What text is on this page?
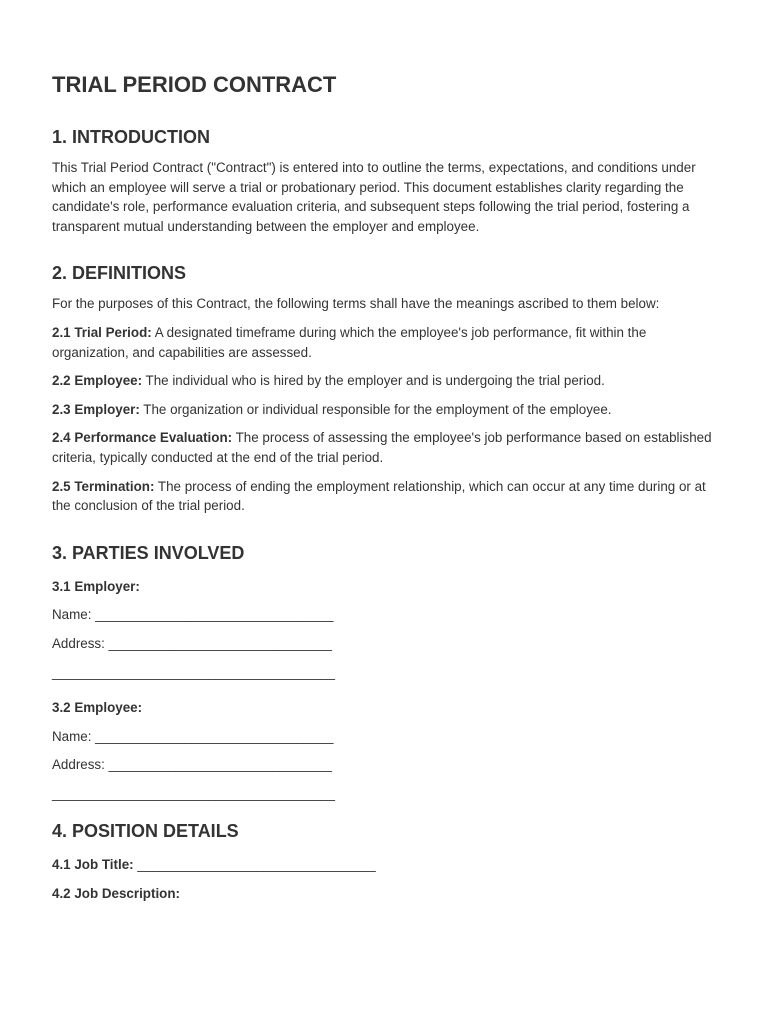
TRIAL PERIOD CONTRACT
1. INTRODUCTION

This Trial Period Contract ("Contract") is entered into to outline the terms, expectations, and conditions under which an employee will serve a trial or probationary period. This document establishes clarity regarding the candidate's role, performance evaluation criteria, and subsequent steps following the trial period, fostering a transparent mutual understanding between the employer and employee.

2. DEFINITIONS

For the purposes of this Contract, the following terms shall have the meanings ascribed to them below:

2.1 Trial Period: A designated timeframe during which the employee's job performance, fit within the organization, and capabilities are assessed.

2.2 Employee: The individual who is hired by the employer and is undergoing the trial period.

2.3 Employer: The organization or individual responsible for the employment of the employee.

2.4 Performance Evaluation: The process of assessing the employee's job performance based on established criteria, typically conducted at the end of the trial period.

2.5 Termination: The process of ending the employment relationship, which can occur at any time during or at the conclusion of the trial period.

3. PARTIES INVOLVED

3.1 Employer:

Name: ________________________________

Address: ______________________________

______________________________________

3.2 Employee:

Name: ________________________________

Address: ______________________________

______________________________________

4. POSITION DETAILS

4.1 Job Title: ________________________________

4.2 Job Description:
